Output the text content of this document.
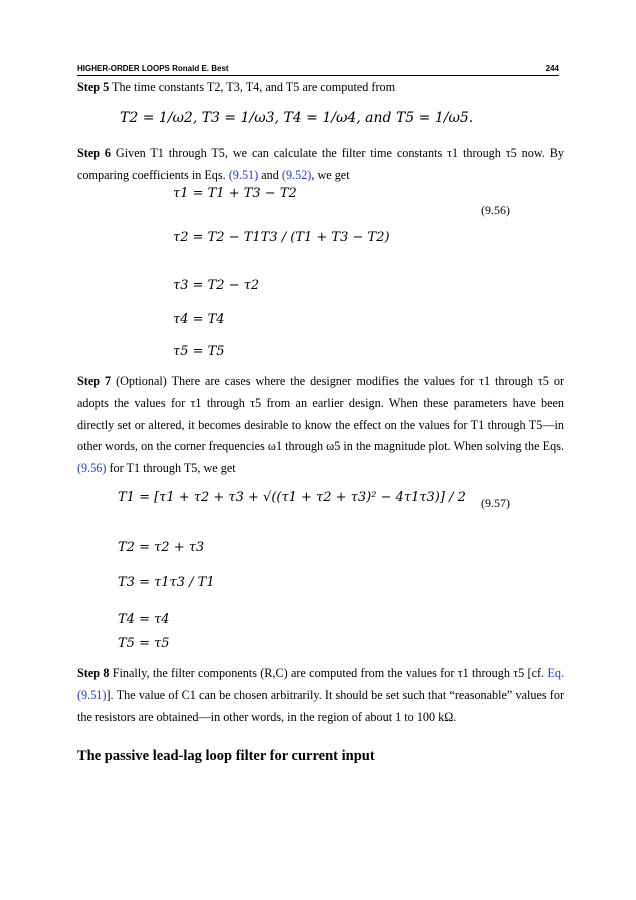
HIGHER-ORDER LOOPS Ronald E. Best	244
Step 5 The time constants T2, T3, T4, and T5 are computed from
T2 = 1/ω2, T3 = 1/ω3, T4 = 1/ω4, and T5 = 1/ω5.
Step 6 Given T1 through T5, we can calculate the filter time constants τ1 through τ5 now. By comparing coefficients in Eqs. (9.51) and (9.52), we get
τ1 = T1 + T3 − T2
(9.56)
τ2 = T2 − T1T3 / (T1 + T3 − T2)
τ3 = T2 − τ2
τ4 = T4
τ5 = T5
Step 7 (Optional) There are cases where the designer modifies the values for τ1 through τ5 or adopts the values for τ1 through τ5 from an earlier design. When these parameters have been directly set or altered, it becomes desirable to know the effect on the values for T1 through T5—in other words, on the corner frequencies ω1 through ω5 in the magnitude plot. When solving the Eqs. (9.56) for T1 through T5, we get
T1 = [τ1 + τ2 + τ3 + √((τ1 + τ2 + τ3)² − 4τ1τ3)] / 2 (9.57)
T2 = τ2 + τ3
T3 = τ1τ3 / T1
T4 = τ4
T5 = τ5
Step 8 Finally, the filter components (R,C) are computed from the values for τ1 through τ5 [cf. Eq. (9.51)]. The value of C1 can be chosen arbitrarily. It should be set such that “reasonable” values for the resistors are obtained—in other words, in the region of about 1 to 100 kΩ.
The passive lead-lag loop filter for current input
